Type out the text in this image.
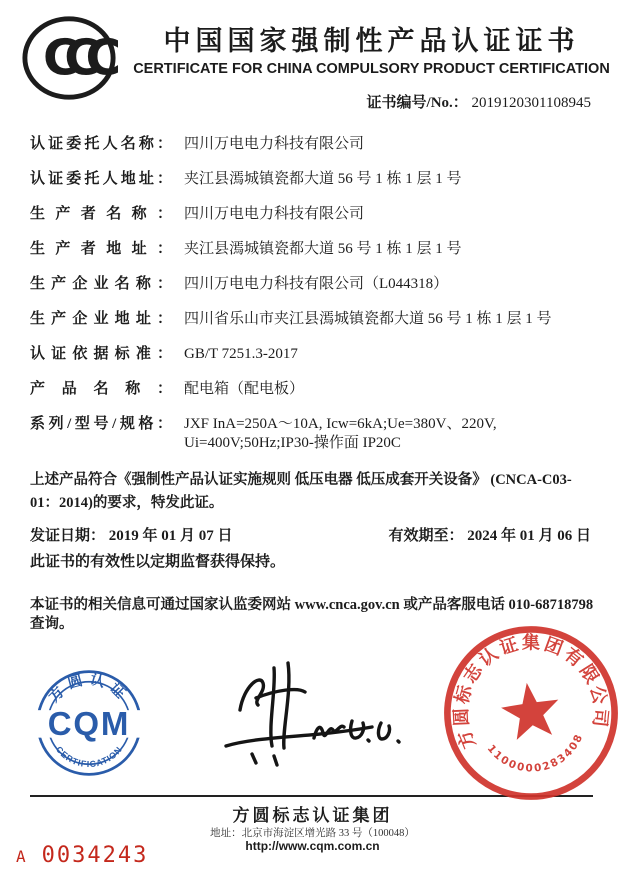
CCC	中国国家强制性产品认证证书
CERTIFICATE FOR CHINA COMPULSORY PRODUCT CERTIFICATION
证书编号/No.： 2019120301108945
认证委托人名称： 四川万电电力科技有限公司
认证委托人地址： 夹江县漹城镇瓷都大道 56 号 1 栋 1 层 1 号
生产者名称： 四川万电电力科技有限公司
生产者地址： 夹江县漹城镇瓷都大道 56 号 1 栋 1 层 1 号
生产企业名称： 四川万电电力科技有限公司（L044318）
生产企业地址： 四川省乐山市夹江县漹城镇瓷都大道 56 号 1 栋 1 层 1 号
认证依据标准： GB/T 7251.3-2017
产品名称： 配电箱（配电板）
系列/型号/规格： JXF InA=250A～10A, Icw=6kA;Ue=380V、220V, Ui=400V;50Hz;IP30-操作面 IP20C
上述产品符合《强制性产品认证实施规则 低压电器 低压成套开关设备》 (CNCA-C03-01：2014)的要求，特发此证。
发证日期： 2019 年 01 月 07 日	有效期至： 2024 年 01 月 06 日
此证书的有效性以定期监督获得保持。
本证书的相关信息可通过国家认监委网站 www.cnca.gov.cn 或产品客服电话 010-68718798 查询。
方圆认证
CQM
CERTIFICATION	方圆标志认证集团有限公司
1100000283408
方圆标志认证集团
地址：北京市海淀区增光路 33 号（100048）
http://www.cqm.com.cn
A 0034243
